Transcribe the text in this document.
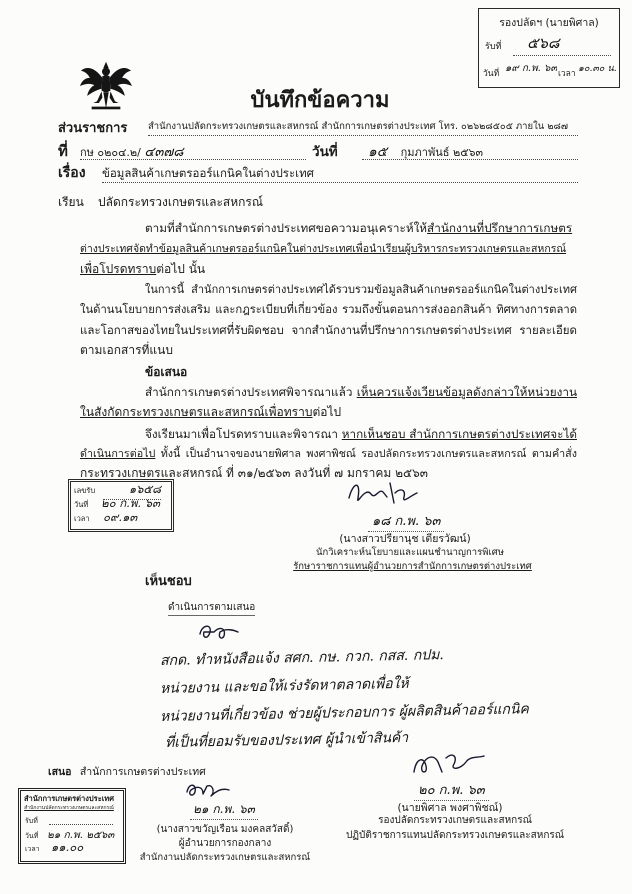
รองปลัดฯ (นายพิศาล)
รับที่	๕๖๘
วันที่ ๑๙ ก.พ. ๖๓ เวลา ๑๐.๓๐ น.
บันทึกข้อความ
ส่วนราชการ สำนักงานปลัดกระทรวงเกษตรและสหกรณ์ สำนักการเกษตรต่างประเทศ โทร. ๐๒๖๒๘๕๐๕ ภายใน ๒๘๗
ที่ กษ ๐๒๐๔.๒/ ๔๓๗๘	วันที่	๑๕ กุมภาพันธ์ ๒๕๖๓
เรื่อง ข้อมูลสินค้าเกษตรออร์แกนิคในต่างประเทศ
เรียน ปลัดกระทรวงเกษตรและสหกรณ์
ตามที่สำนักการเกษตรต่างประเทศขอความอนุเคราะห์ให้สำนักงานที่ปรึกษาการเกษตร
ต่างประเทศจัดทำข้อมูลสินค้าเกษตรออร์แกนิคในต่างประเทศเพื่อนำเรียนผู้บริหารกระทรวงเกษตรและสหกรณ์
เพื่อโปรดทราบต่อไป นั้น
ในการนี้ สำนักการเกษตรต่างประเทศได้รวบรวมข้อมูลสินค้าเกษตรออร์แกนิคในต่างประเทศ
ในด้านนโยบายการส่งเสริม และกฎระเบียบที่เกี่ยวข้อง รวมถึงขั้นตอนการส่งออกสินค้า ทิศทางการตลาด
และโอกาสของไทยในประเทศที่รับผิดชอบ จากสำนักงานที่ปรึกษาการเกษตรต่างประเทศ รายละเอียด
ตามเอกสารที่แนบ
ข้อเสนอ
สำนักการเกษตรต่างประเทศพิจารณาแล้ว เห็นควรแจ้งเวียนข้อมูลดังกล่าวให้หน่วยงาน
ในสังกัดกระทรวงเกษตรและสหกรณ์เพื่อทราบต่อไป
จึงเรียนมาเพื่อโปรดทราบและพิจารณา หากเห็นชอบ สำนักการเกษตรต่างประเทศจะได้
ดำเนินการต่อไป ทั้งนี้ เป็นอำนาจของนายพิศาล พงศาพิชณ์ รองปลัดกระทรวงเกษตรและสหกรณ์ ตามคำสั่ง
กระทรวงเกษตรและสหกรณ์ ที่ ๓๑/๒๕๖๓ ลงวันที่ ๗ มกราคม ๒๕๖๓
เลขรับ	๑๖๕๘
วันที่ ๒๐ ก.พ. ๖๓
เวลา ๐๙.๑๓	๑๘ ก.พ. ๖๓
(นางสาวปรียานุช เตียรวัฒน์)
นักวิเคราะห์นโยบายและแผนชำนาญการพิเศษ
รักษาราชการแทนผู้อำนวยการสำนักการเกษตรต่างประเทศ
เห็นชอบ
ดำเนินการตามเสนอ
สกด. ทำหนังสือแจ้ง สศก. กษ. กวก. กสส. กปม.
หน่วยงาน และขอให้เร่งรัดหาตลาดเพื่อให้
หน่วยงานที่เกี่ยวข้อง ช่วยผู้ประกอบการ ผู้ผลิตสินค้าออร์แกนิค
ที่เป็นที่ยอมรับของประเทศ ผู้นำเข้าสินค้า
เสนอ สำนักการเกษตรต่างประเทศ
สำนักการเกษตรต่างประเทศ
สำนักงานปลัดกระทรวงเกษตรและสหกรณ์
รับที่
วันที่ ๒๑ ก.พ. ๒๕๖๓
เวลา ๑๑.๐๐
๒๑ ก.พ. ๖๓
(นางสาวขวัญเรือน มงคลสวัสดิ์)
ผู้อำนวยการกองกลาง
สำนักงานปลัดกระทรวงเกษตรและสหกรณ์
๒๐ ก.พ. ๖๓
(นายพิศาล พงศาพิชณ์)
รองปลัดกระทรวงเกษตรและสหกรณ์
ปฏิบัติราชการแทนปลัดกระทรวงเกษตรและสหกรณ์
